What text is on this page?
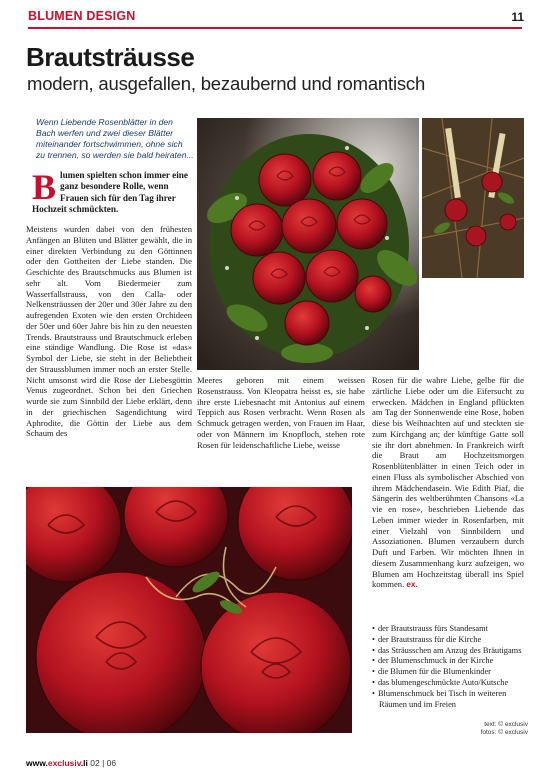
BLUMEN DESIGN	11
Brautsträusse
modern, ausgefallen, bezaubernd und romantisch
Wenn Liebende Rosenblätter in den Bach werfen und zwei dieser Blätter miteinander fortschwimmen, ohne sich zu trennen, so werden sie bald heiraten...
B lumen spielten schon immer eine ganz besondere Rolle, wenn Frauen sich für den Tag ihrer Hochzeit schmückten.
Meistens wurden dabei von den frühesten Anfängen an Blüten und Blätter gewählt, die in einer direkten Verbindung zu den Göttinnen oder den Gottheiten der Liebe standen. Die Geschichte des Brautschmucks aus Blumen ist sehr alt. Vom Biedermeier zum Wasserfallstrauss, von den Calla- oder Nelkensträussen der 20er und 30er Jahre zu den aufregenden Exoten wie den ersten Orchideen der 50er und 60er Jahre bis hin zu den neuesten Trends. Brautstrauss und Brautschmuck erleben eine ständige Wandlung. Die Rose ist «das» Symbol der Liebe, sie steht in der Beliebtheit der Straussblumen immer noch an erster Stelle. Nicht umsonst wird die Rose der Liebesgöttin Venus zugeordnet. Schon bei den Griechen wurde sie zum Sinnbild der Liebe erklärt, denn in der griechischen Sagendichtung wird Aphrodite, die Göttin der Liebe aus dem Schaum des
Meeres geboren mit einem weissen Rosenstrauss. Von Kleopatra heisst es, sie habe ihre erste Liebesnacht mit Antonius auf einem Teppich aus Rosen verbracht. Wenn Rosen als Schmuck getragen werden, von Frauen im Haar, oder von Männern im Knopfloch, stehen rote Rosen für leidenschaftliche Liebe, weisse
Rosen für die wahre Liebe, gelbe für die zärtliche Liebe oder um die Eifersucht zu erwecken. Mädchen in England pflückten am Tag der Sonnenwende eine Rose, hoben diese bis Weihnachten auf und steckten sie zum Kirchgang an; der künftige Gatte soll sie ihr dort abnehmen. In Frankreich wirft die Braut am Hochzeitsmorgen Rosenblütenblätter in einen Teich oder in einen Fluss als symbolischer Abschied von ihrem Mädchendasein. Wie Edith Piaf, die Sängerin des weltberühmten Chansons «La vie en rose», beschrieben Liebende das Leben immer wieder in Rosenfarben, mit einer Vielzahl von Sinnbildern und Assoziationen. Blumen verzaubern durch Duft und Farben. Wir möchten Ihnen in diesem Zusammenhang kurz aufzeigen, wo Blumen am Hochzeitstag überall ins Spiel kommen. ex.
• der Brautstrauss fürs Standesamt
• der Brautstrauss für die Kirche
• das Sträusschen am Anzug des Bräutigams
• der Blumenschmuck in der Kirche
• die Blumen für die Blumenkinder
• das blumengeschmückte Auto/Kutsche
• Blumenschmuck bei Tisch in weiteren Räumen und im Freien
text: © exclusiv
fotos: © exclusiv
www.exclusiv.li 02 | 06
